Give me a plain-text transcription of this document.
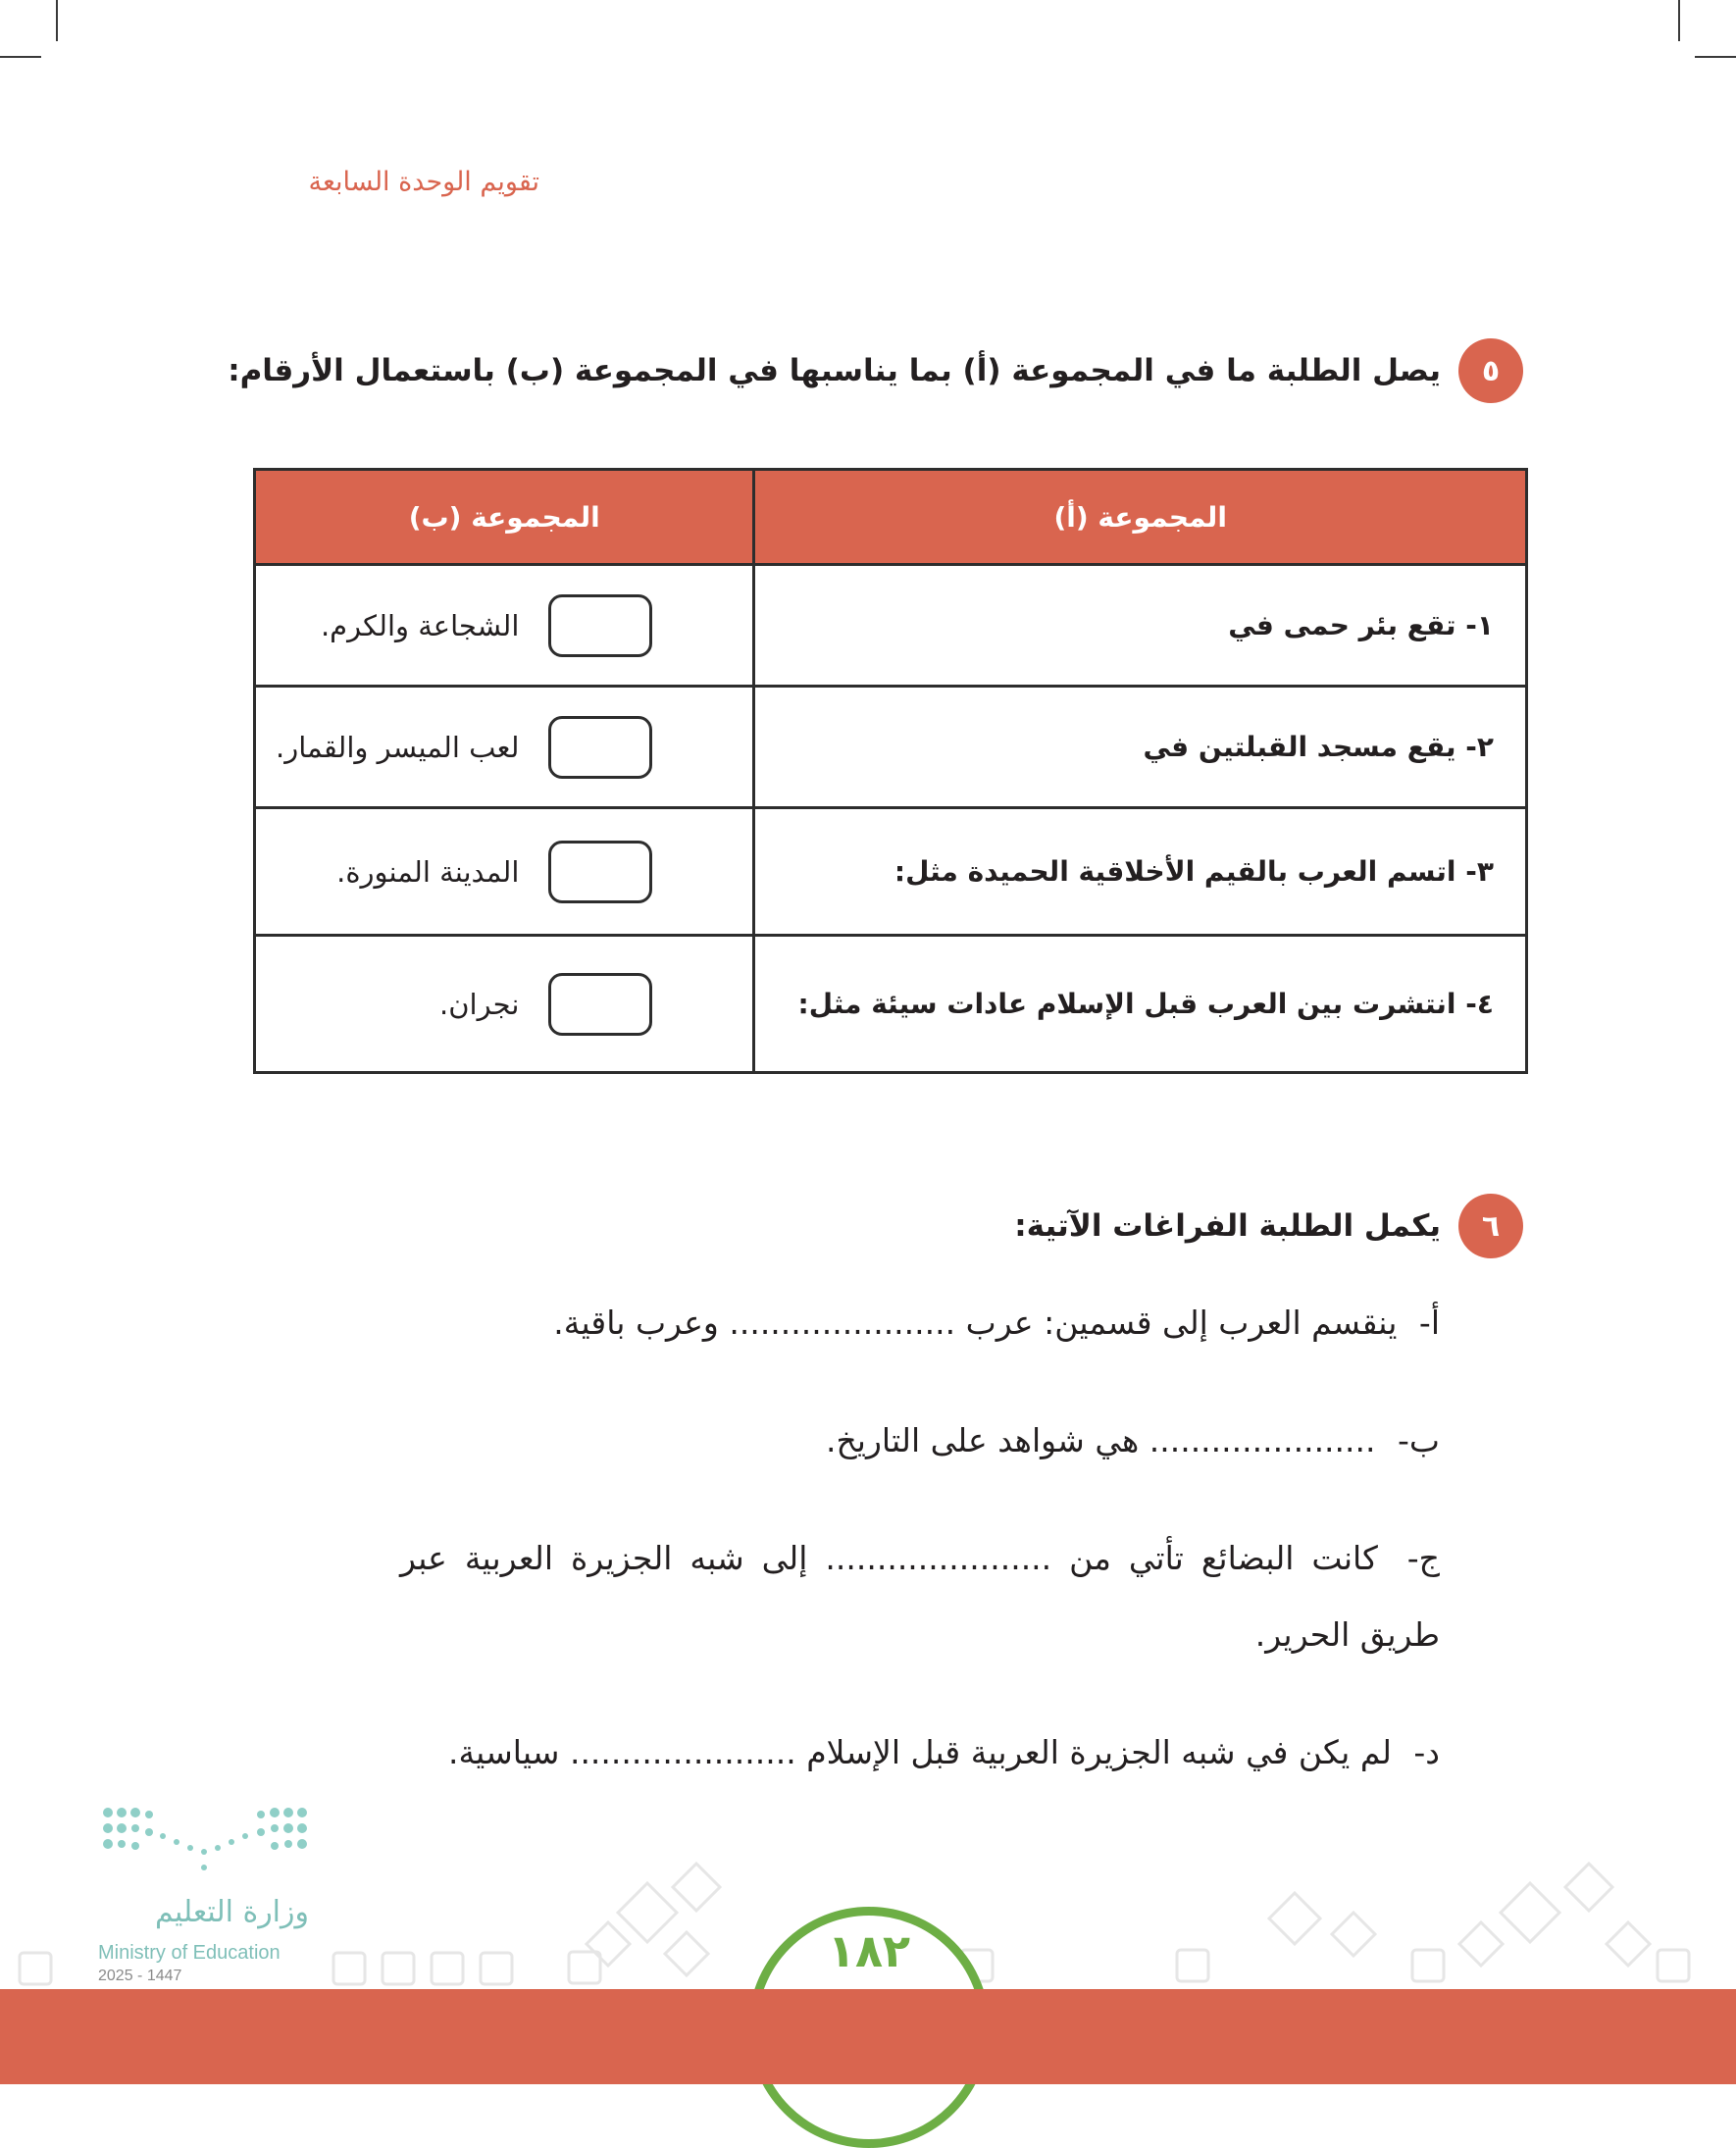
تقويم الوحدة السابعة
٥
يصل الطلبة ما في المجموعة (أ) بما يناسبها في المجموعة (ب) باستعمال الأرقام:
المجموعة (أ)	المجموعة (ب)
١- تقع بئر حمى في	الشجاعة والكرم.

٢- يقع مسجد القبلتين في	لعب الميسر والقمار.

٣- اتسم العرب بالقيم الأخلاقية الحميدة مثل:	المدينة المنورة.

٤- انتشرت بين العرب قبل الإسلام عادات سيئة مثل:	نجران.
٦
يكمل الطلبة الفراغات الآتية:
أ- ينقسم العرب إلى قسمين: عرب ...................... وعرب باقية.
ب- ...................... هي شواهد على التاريخ.
ج- كانت البضائع تأتي من ...................... إلى شبه الجزيرة العربية عبر طريق الحرير.
د- لم يكن في شبه الجزيرة العربية قبل الإسلام ...................... سياسية.
١٨٢
وزارة التعليم
Ministry of Education
2025 - 1447
